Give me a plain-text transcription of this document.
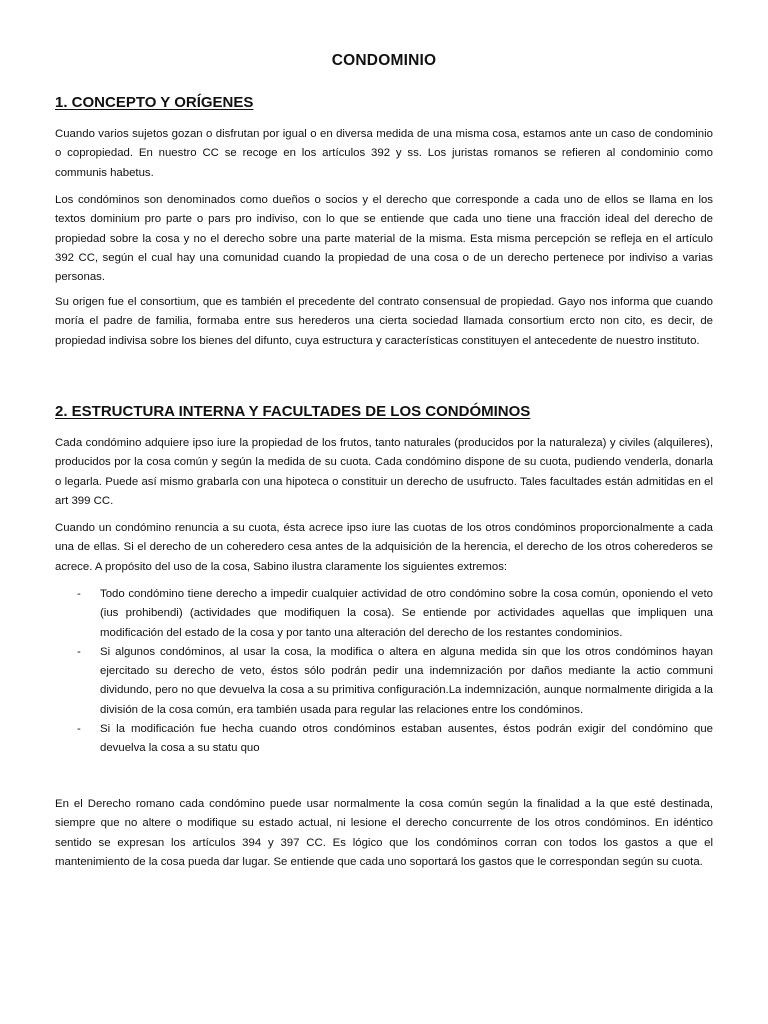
CONDOMINIO
1. CONCEPTO Y ORÍGENES

Cuando varios sujetos gozan o disfrutan por igual o en diversa medida de una misma cosa, estamos ante un caso de condominio o copropiedad. En nuestro CC se recoge en los artículos 392 y ss. Los juristas romanos se refieren al condominio como communis habetus.

Los condóminos son denominados como dueños o socios y el derecho que corresponde a cada uno de ellos se llama en los textos dominium pro parte o pars pro indiviso, con lo que se entiende que cada uno tiene una fracción ideal del derecho de propiedad sobre la cosa y no el derecho sobre una parte material de la misma. Esta misma percepción se refleja en el artículo 392 CC, según el cual hay una comunidad cuando la propiedad de una cosa o de un derecho pertenece por indiviso a varias personas.

Su origen fue el consortium, que es también el precedente del contrato consensual de propiedad. Gayo nos informa que cuando moría el padre de familia, formaba entre sus herederos una cierta sociedad llamada consortium ercto non cito, es decir, de propiedad indivisa sobre los bienes del difunto, cuya estructura y características constituyen el antecedente de nuestro instituto.

2. ESTRUCTURA INTERNA Y FACULTADES DE LOS CONDÓMINOS

Cada condómino adquiere ipso iure la propiedad de los frutos, tanto naturales (producidos por la naturaleza) y civiles (alquileres), producidos por la cosa común y según la medida de su cuota. Cada condómino dispone de su cuota, pudiendo venderla, donarla o legarla. Puede así mismo grabarla con una hipoteca o constituir un derecho de usufructo. Tales facultades están admitidas en el art 399 CC.

Cuando un condómino renuncia a su cuota, ésta acrece ipso iure las cuotas de los otros condóminos proporcionalmente a cada una de ellas. Si el derecho de un coheredero cesa antes de la adquisición de la herencia, el derecho de los otros coherederos se acrece. A propósito del uso de la cosa, Sabino ilustra claramente los siguientes extremos:

- Todo condómino tiene derecho a impedir cualquier actividad de otro condómino sobre la cosa común, oponiendo el veto (ius prohibendi) (actividades que modifiquen la cosa). Se entiende por actividades aquellas que impliquen una modificación del estado de la cosa y por tanto una alteración del derecho de los restantes condominios.
- Si algunos condóminos, al usar la cosa, la modifica o altera en alguna medida sin que los otros condóminos hayan ejercitado su derecho de veto, éstos sólo podrán pedir una indemnización por daños mediante la actio communi dividundo, pero no que devuelva la cosa a su primitiva configuración.La indemnización, aunque normalmente dirigida a la división de la cosa común, era también usada para regular las relaciones entre los condóminos.
- Si la modificación fue hecha cuando otros condóminos estaban ausentes, éstos podrán exigir del condómino que devuelva la cosa a su statu quo

En el Derecho romano cada condómino puede usar normalmente la cosa común según la finalidad a la que esté destinada, siempre que no altere o modifique su estado actual, ni lesione el derecho concurrente de los otros condóminos. En idéntico sentido se expresan los artículos 394 y 397 CC. Es lógico que los condóminos corran con todos los gastos a que el mantenimiento de la cosa pueda dar lugar. Se entiende que cada uno soportará los gastos que le correspondan según su cuota.
